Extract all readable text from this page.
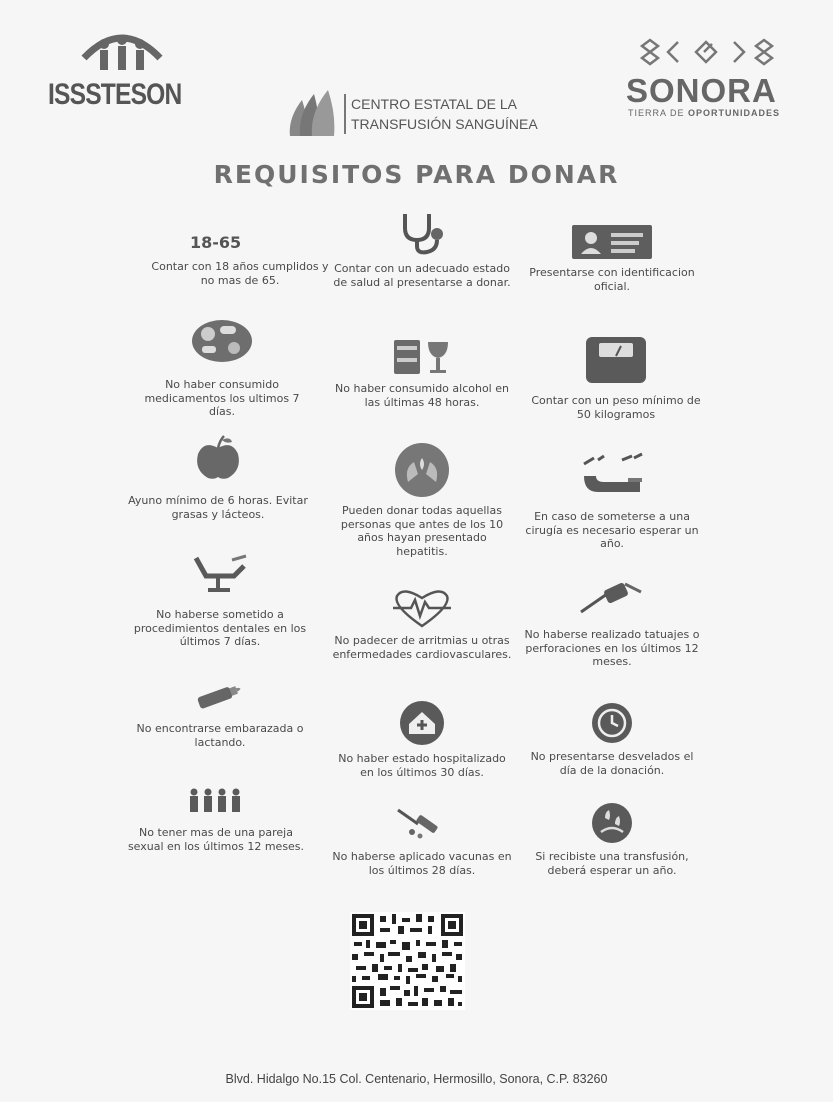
ISSSTESON	CENTRO ESTATAL DE LA
TRANSFUSIÓN SANGUÍNEA
SONORA
TIERRA DE OPORTUNIDADES
REQUISITOS PARA DONAR
18-65
Contar con 18 años cumplidos y no mas de 65.
Contar con un adecuado estado de salud al presentarse a donar.
Presentarse con identificacion oficial.
No haber consumido medicamentos los ultimos 7 días.
No haber consumido alcohol en las últimas 48 horas.	Contar con un peso mínimo de 50 kilogramos
Ayuno mínimo de 6 horas. Evitar grasas y lácteos.	Pueden donar todas aquellas personas que antes de los 10 años hayan presentado hepatitis.
En caso de someterse a una cirugía es necesario esperar un año.
No haberse sometido a procedimientos dentales en los últimos 7 días.	No padecer de arritmias u otras enfermedades cardiovasculares.
No haberse realizado tatuajes o perforaciones en los últimos 12 meses.
No encontrarse embarazada o lactando.
No haber estado hospitalizado en los últimos 30 días.
No presentarse desvelados el día de la donación.
No tener mas de una pareja sexual en los últimos 12 meses.
No haberse aplicado vacunas en los últimos 28 días.
Si recibiste una transfusión, deberá esperar un año.
Blvd. Hidalgo No.15 Col. Centenario, Hermosillo, Sonora, C.P. 83260
